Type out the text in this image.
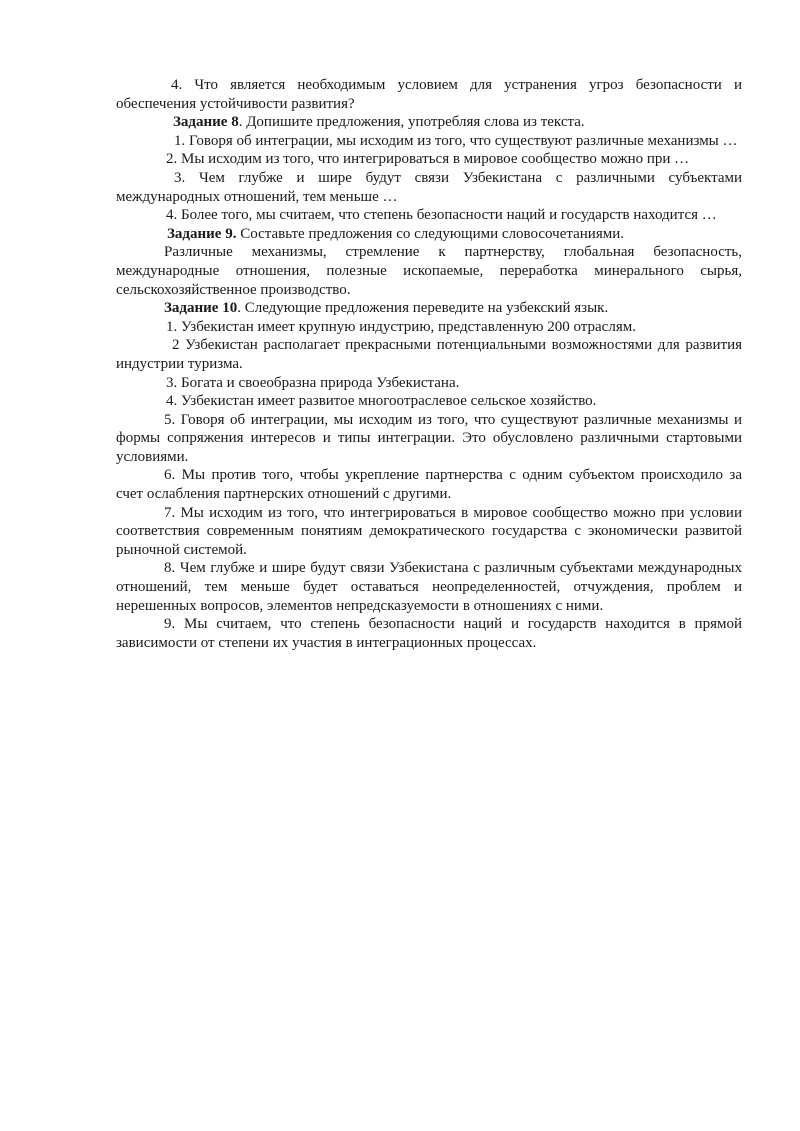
4. Что является необходимым условием для устранения угроз безопасности и обеспечения устойчивости развития?

Задание 8. Допишите предложения, употребляя слова из текста.

1. Говоря об интеграции, мы исходим из того, что существуют различные механизмы …

2. Мы исходим из того, что интегрироваться в мировое сообщество можно при …

3. Чем глубже и шире будут связи Узбекистана с различными субъектами международных отношений, тем меньше …

4. Более того, мы считаем, что степень безопасности наций и государств находится …

Задание 9. Составьте предложения со следующими словосочетаниями.

Различные механизмы, стремление к партнерству, глобальная безопасность, международные отношения, полезные ископаемые, переработка минерального сырья, сельскохозяйственное производство.

Задание 10. Следующие предложения переведите на узбекский язык.

1. Узбекистан имеет крупную индустрию, представленную 200 отраслям.

2 Узбекистан располагает прекрасными потенциальными возможностями для развития индустрии туризма.

3. Богата и своеобразна природа Узбекистана.

4. Узбекистан имеет развитое многоотраслевое сельское хозяйство.

5. Говоря об интеграции, мы исходим из того, что существуют различные механизмы и формы сопряжения интересов и типы интеграции. Это обусловлено различными стартовыми условиями.

6. Мы против того, чтобы укрепление партнерства с одним субъектом происходило за счет ослабления партнерских отношений с другими.

7. Мы исходим из того, что интегрироваться в мировое сообщество можно при условии соответствия современным понятиям демократического государства с экономически развитой рыночной системой.

8. Чем глубже и шире будут связи Узбекистана с различным субъектами международных отношений, тем меньше будет оставаться неопределенностей, отчуждения, проблем и нерешенных вопросов, элементов непредсказуемости в отношениях с ними.

9. Мы считаем, что степень безопасности наций и государств находится в прямой зависимости от степени их участия в интеграционных процессах.
